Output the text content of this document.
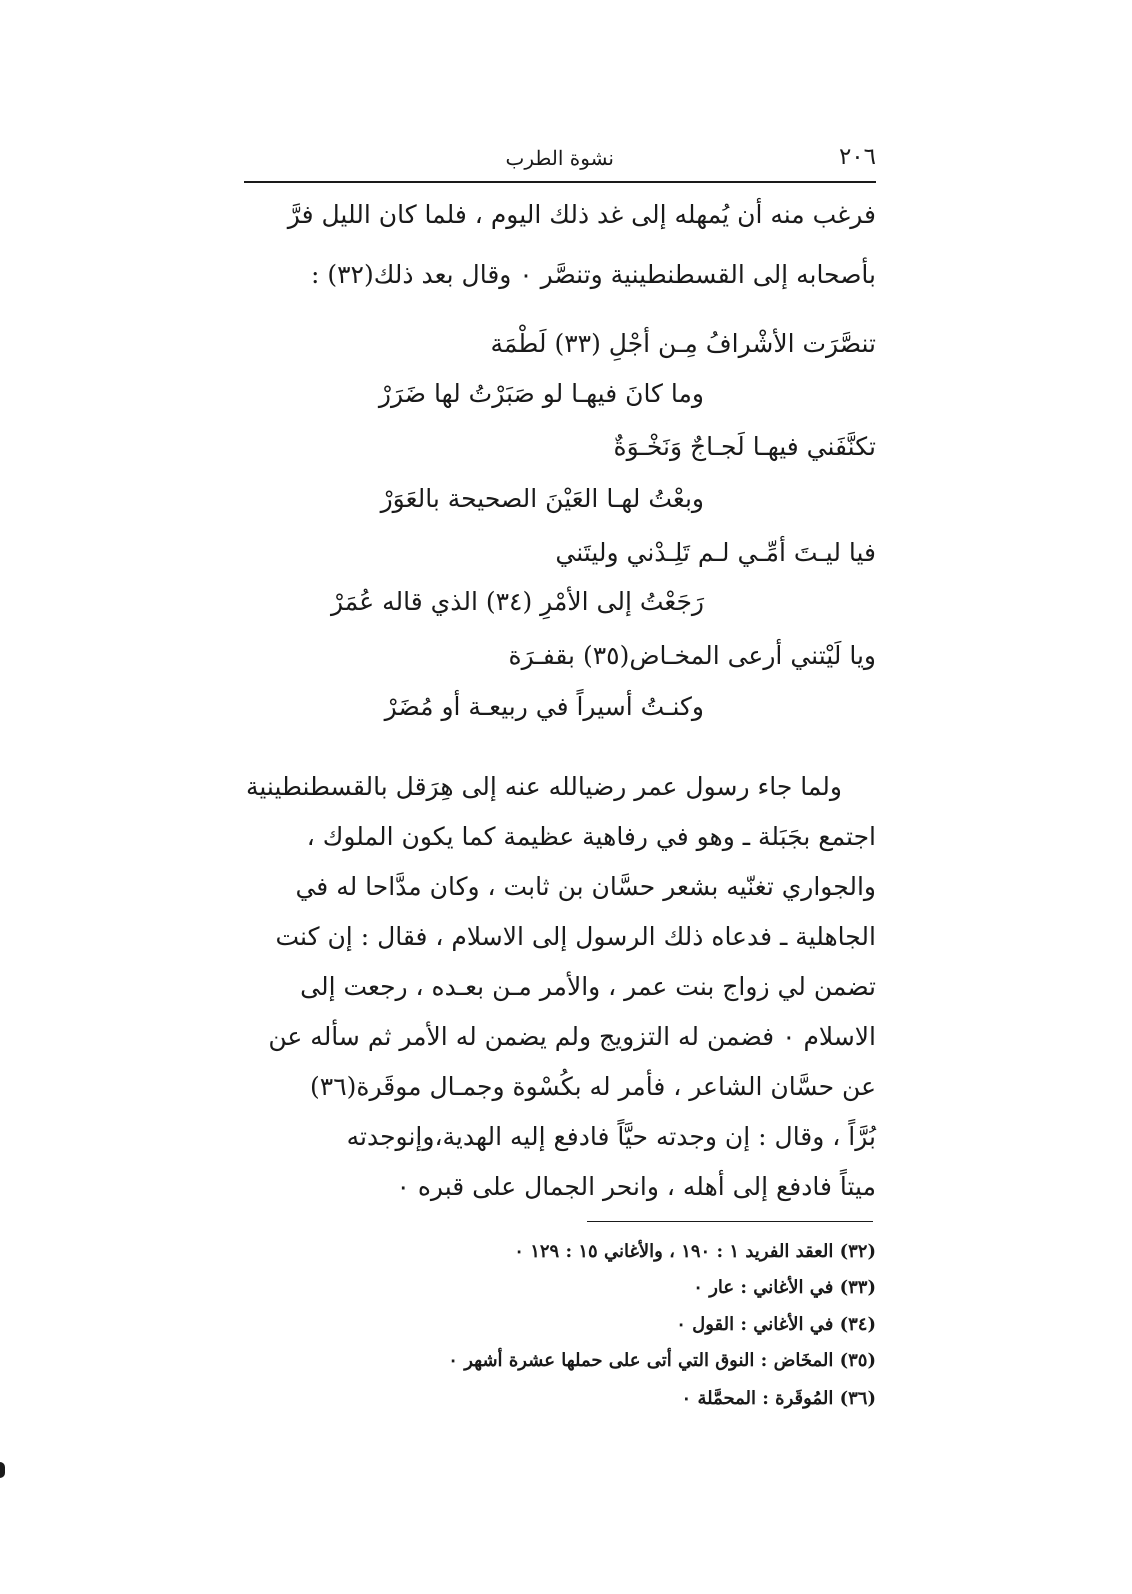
٢٠٦
نشوة الطرب
فرغب منه أن يُمهله إلى غد ذلك اليوم ، فلما كان الليل فرَّ
بأصحابه إلى القسطنطينية وتنصَّر ٠ وقال بعد ذلك(٣٢) :
تنصَّرَت الأشْرافُ مِـن أجْلِ (٣٣) لَطْمَة
وما كانَ فيهـا لو صَبَرْتُ لها ضَرَرْ
تكنَّفَني فيهـا لَجـاجٌ وَنَخْـوَةٌ
وبعْتُ لهـا العَيْنَ الصحيحة بالعَوَرْ
فيا ليـتَ أمِّـي لـم تَلِـدْني وليتَني
رَجَعْتُ إلى الأمْرِ (٣٤) الذي قاله عُمَرْ
ويا لَيْتني أرعى المخـاض(٣٥) بقفـرَة
وكنـتُ أسيراً في ربيعـة أو مُضَرْ
ولما جاء رسول عمر رضيالله عنه إلى هِرَقل بالقسطنطينية
اجتمع بجَبَلة ـ وهو في رفاهية عظيمة كما يكون الملوك ،
والجواري تغنّيه بشعر حسَّان بن ثابت ، وكان مدَّاحا له في
الجاهلية ـ فدعاه ذلك الرسول إلى الاسلام ، فقال : إن كنت
تضمن لي زواج بنت عمر ، والأمر مـن بعـده ، رجعت إلى
الاسلام ٠ فضمن له التزويج ولم يضمن له الأمر ثم سأله عن
عن حسَّان الشاعر ، فأمر له بكُسْوة وجمـال موقَرة(٣٦)
بُرَّاً ، وقال : إن وجدته حيَّاً فادفع إليه الهدية،وإنوجدته
ميتاً فادفع إلى أهله ، وانحر الجمال على قبره ٠
(٣٢) العقد الفريد ١ : ١٩٠ ، والأغاني ١٥ : ١٢٩ ٠
(٣٣) في الأغاني : عار ٠
(٣٤) في الأغاني : القول ٠
(٣٥) المخَاض : النوق التي أتى على حملها عشرة أشهر ٠
(٣٦) المُوقَرة : المحمَّلة ٠
